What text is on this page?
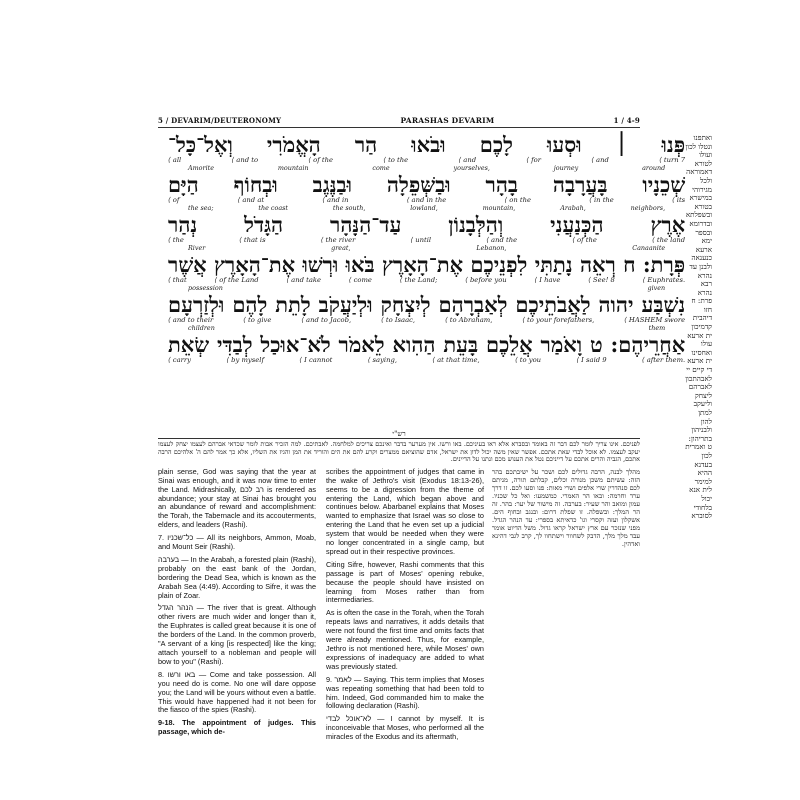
5 / DEVARIM/DEUTERONOMY	PARASHAS DEVARIM	1 / 4-9
פְּנוּ ׀ וּסְעוּ לָכֶם וּבֹאוּ הַר הָאֱמֹרִי וְאֶל־כָּל־
⟨ all	⟨ and to	⟨ of the	⟨ to the	⟨ and	⟨ for	⟨ and	⟨ turn 7
Amorite	mountain	come	yourselves,	journey	around
שְׁכֵנָיו בָּעֲרָבָה בָהָר וּבַשְּׁפֵלָה וּבַנֶּגֶב וּבְחוֹף הַיָּם
⟨ of	⟨ and at	⟨ and in	⟨ and in the	⟨ on the	⟨ in the	⟨ its
the sea;	the coast	the south,	lowland,	mountain,	Arabah,	neighbors,
אֶרֶץ הַכְּנַעֲנִי וְהַלְּבָנוֹן עַד־הַנָּהָר הַגָּדֹל נְהַר
⟨ the	⟨ that is	⟨ the river	⟨ until	⟨ and the	⟨ of the	⟨ the land
River	great,	Lebanon,	Canaanite
פְּרָת: ח רְאֵה נָתַתִּי לִפְנֵיכֶם אֶת־הָאָרֶץ בֹּאוּ וּרְשׁוּ אֶת־הָאָרֶץ אֲשֶׁר
⟨ that	⟨ of the Land	⟨ and take	⟨ come	⟨ the Land;	⟨ before you	⟨ I have	⟨ See! 8	⟨ Euphrates.
possession	given
נִשְׁבַּע יהוה לַאֲבֹתֵיכֶם לְאַבְרָהָם לְיִצְחָק וּלְיַעֲקֹב לָתֵת לָהֶם וּלְזַרְעָם
⟨ and to their	⟨ to give	⟨ and to Jacob,	⟨ to Isaac,	⟨ to Abraham,	⟨ to your forefathers,	⟨ HASHEM swore
children	them
אַחֲרֵיהֶם: ט וָאֹמַר אֲלֵכֶם בָּעֵת הַהִוא לֵאמֹר לֹא־אוּכַל לְבַדִּי שְׂאֵת
⟨ carry	⟨ by myself	⟨ I cannot	⟨ saying,	⟨ at that time,	⟨ to you	⟨ I said 9	⟨ after them.
ואתפנו ונטלו לכון ועולו לטורא דאמוראה ולכל מגירוהי במישרא בטורא ובשפלתא ובדרומא ובספר ימא ארעא כנענאה ולבנן עד נהרא רבא נהרא פרת: ח חזו דיהבית קדמיכון ית ארעא עולו ואחסינו ית ארעא די קיים יי לאבהתכון לאברהם ליצחק וליעקב למתן להון ולבניהון בתריהון: ט ואמרית לכון בעדנא ההיא למימר לית אנא יכול בלחודי לסוברא
רש"י
לפניכם. אינו צריך לומר לכם דבר זה באומד ובסברא אלא ראו בעיניכם. באו ורשו. אין מערער בדבר ואינכם צריכים למלחמה. לאבתיכם. למה הזכיר אבות לומר שכדאי אברהם לעצמו יצחק לעצמו יעקב לעצמו. לא אוכל לבדי שאת אתכם. אפשר שאין משה יכול לדון את ישראל, אדם שהוציאם ממצרים וקרע להם את הים והוריד את המן והגיז את השליו, אלא כך אמר להם ה' אלהיכם הרבה אתכם, הגביה והרים אתכם על דייניכם נטל את הענוש מכם ונתנו על הדיינים.

plain sense, God was saying that the year at Sinai was enough, and it was now time to enter the Land. Midrashically, רב לכם is rendered as abundance; your stay at Sinai has brought you an abundance of reward and accomplishment: the Torah, the Tabernacle and its accouterments, elders, and leaders (Rashi).

7. כל־שכניו — All its neighbors, Ammon, Moab, and Mount Seir (Rashi).

בערבה — In the Arabah, a forested plain (Rashi), probably on the east bank of the Jordan, bordering the Dead Sea, which is known as the Arabah Sea (4:49). According to Sifre, it was the plain of Zoar.

הנהר הגדל — The river that is great. Although other rivers are much wider and longer than it, the Euphrates is called great because it is one of the borders of the Land. In the common proverb, "A servant of a king [is respected] like the king; attach yourself to a nobleman and people will bow to you" (Rashi).

8. באו ורשו — Come and take possession. All you need do is come. No one will dare oppose you; the Land will be yours without even a battle. This would have happened had it not been for the fiasco of the spies (Rashi).

9-18. The appointment of judges. This passage, which de-

scribes the appointment of judges that came in the wake of Jethro's visit (Exodus 18:13-26), seems to be a digression from the theme of entering the Land, which began above and continues below. Abarbanel explains that Moses wanted to emphasize that Israel was so close to entering the Land that he even set up a judicial system that would be needed when they were no longer concentrated in a single camp, but spread out in their respective provinces.

Citing Sifre, however, Rashi comments that this passage is part of Moses' opening rebuke, because the people should have insisted on learning from Moses rather than from intermediaries.

As is often the case in the Torah, when the Torah repeats laws and narratives, it adds details that were not found the first time and omits facts that were already mentioned. Thus, for example, Jethro is not mentioned here, while Moses' own expressions of inadequacy are added to what was previously stated.

9. לאמר — Saying. This term implies that Moses was repeating something that had been told to him. Indeed, God commanded him to make the following declaration (Rashi).

לא־אוכל לבדי — I cannot by myself. It is inconceivable that Moses, who performed all the miracles of the Exodus and its aftermath,

מהלך לבנה, הרבה גדולים לכם ושכר על ישיבתכם בהר הזה: עשיתם משכן מנורה וכלים, קבלתם תורה, מניתם לכם סנהדרין שרי אלפים ושרי מאות: פנו וסעו לכם. זו דרך ערד וחרמה: ובאו הר האמרי. כמשמעו: ואל כל שכניו. עמון ומואב והר שעיר: בערבה. זה מישור של יער: בהר. זה הר המלך: ובשפלה. זו שפלת דרום: ובנגב ובחוף הים. אשקלון ועזה וקסרי וגו' כדאיתא בספרי: עד הנהר הגדל. מפני שנזכר עם ארץ ישראל קראו גדול. משל הדיוט אומר עבד מלך מלך, הדבק לשחוור וישתחוו לך, קרב לגבי דהינא ואדהין.
